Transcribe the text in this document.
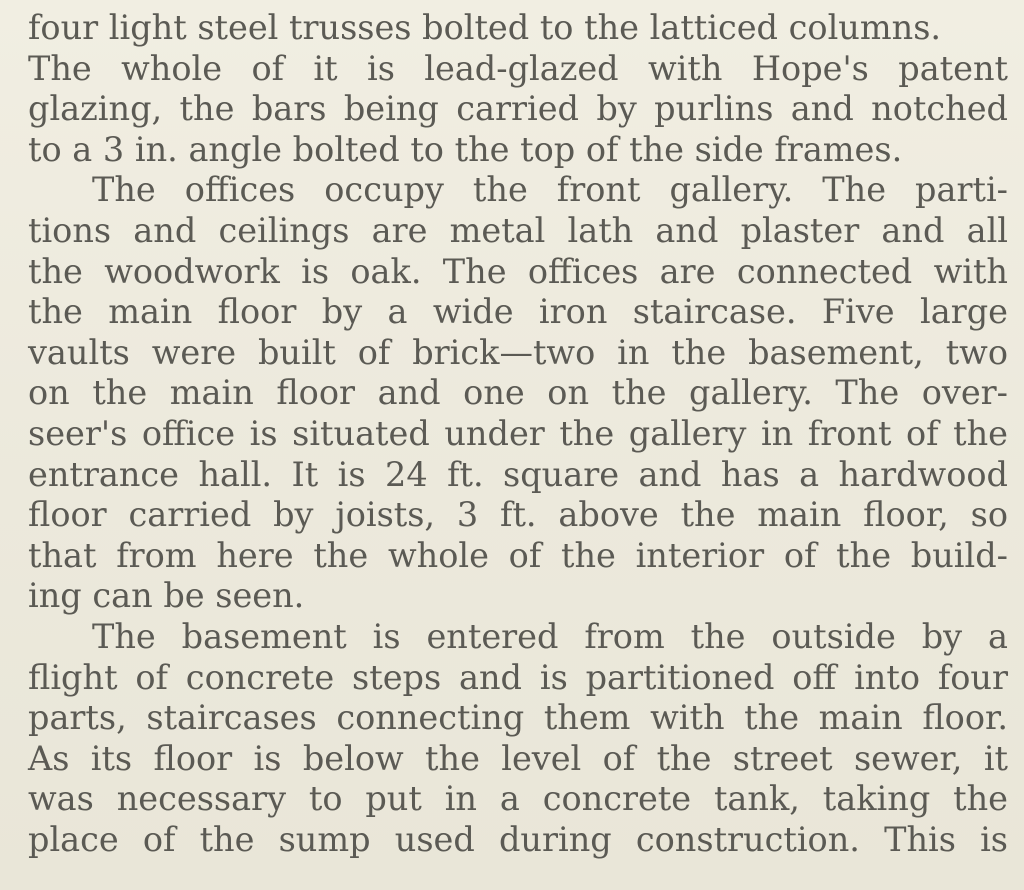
four light steel trusses bolted to the latticed columns.
The whole of it is lead-glazed with Hope's patent
glazing, the bars being carried by purlins and notched
to a 3 in. angle bolted to the top of the side frames.
The offices occupy the front gallery. The parti-
tions and ceilings are metal lath and plaster and all
the woodwork is oak. The offices are connected with
the main floor by a wide iron staircase. Five large
vaults were built of brick—two in the basement, two
on the main floor and one on the gallery. The over-
seer's office is situated under the gallery in front of the
entrance hall. It is 24 ft. square and has a hardwood
floor carried by joists, 3 ft. above the main floor, so
that from here the whole of the interior of the build-
ing can be seen.
The basement is entered from the outside by a
flight of concrete steps and is partitioned off into four
parts, staircases connecting them with the main floor.
As its floor is below the level of the street sewer, it
was necessary to put in a concrete tank, taking the
place of the sump used during construction. This is
